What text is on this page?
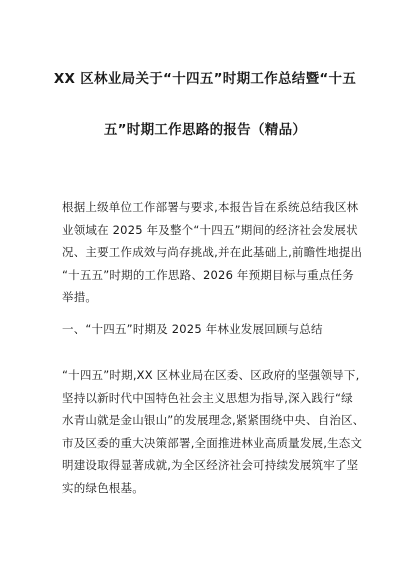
XX 区林业局关于“十四五”时期工作总结暨“十五
五”时期工作思路的报告（精品）
根据上级单位工作部署与要求,本报告旨在系统总结我区林
业领域在 2025 年及整个“十四五”期间的经济社会发展状
况、主要工作成效与尚存挑战,并在此基础上,前瞻性地提出
“十五五”时期的工作思路、2026 年预期目标与重点任务
举措。
一、“十四五”时期及 2025 年林业发展回顾与总结
“十四五”时期,XX 区林业局在区委、区政府的坚强领导下,
坚持以新时代中国特色社会主义思想为指导,深入践行“绿
水青山就是金山银山”的发展理念,紧紧围绕中央、自治区、
市及区委的重大决策部署,全面推进林业高质量发展,生态文
明建设取得显著成就,为全区经济社会可持续发展筑牢了坚
实的绿色根基。
